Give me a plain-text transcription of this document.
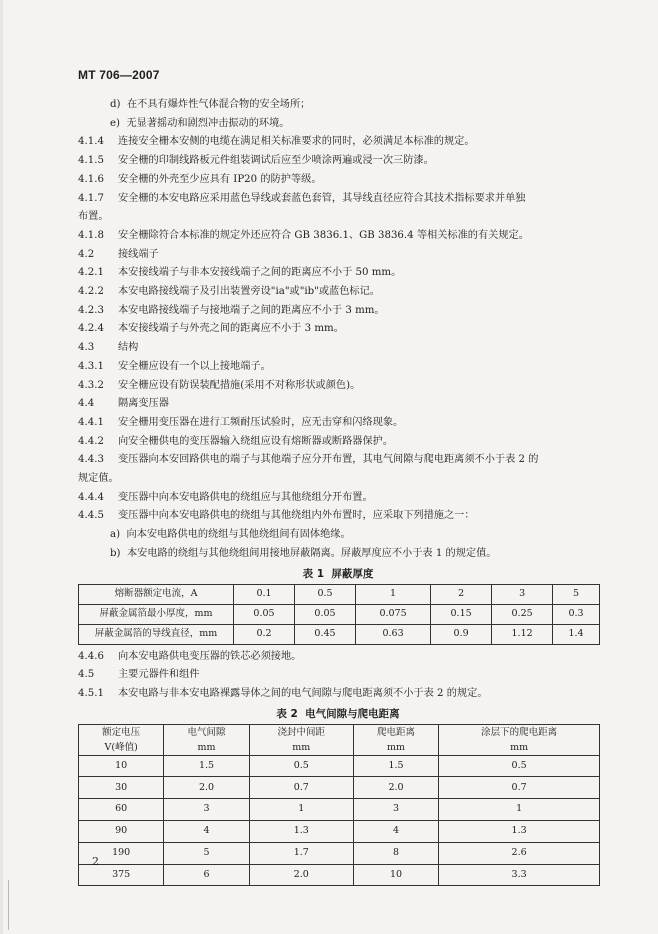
MT 706—2007
d)  在不具有爆炸性气体混合物的安全场所；
e)  无显著摇动和剧烈冲击振动的环境。
4.1.4 连接安全栅本安侧的电缆在满足相关标准要求的同时，必须满足本标准的规定。
4.1.5 安全栅的印制线路板元件组装调试后应至少喷涂两遍或浸一次三防漆。
4.1.6 安全栅的外壳至少应具有 IP20 的防护等级。
4.1.7 安全栅的本安电路应采用蓝色导线或套蓝色套管，其导线直径应符合其技术指标要求并单独
布置。
4.1.8 安全栅除符合本标准的规定外还应符合 GB 3836.1、GB 3836.4 等相关标准的有关规定。
4.2 接线端子
4.2.1 本安接线端子与非本安接线端子之间的距离应不小于 50 mm。
4.2.2 本安电路接线端子及引出装置旁设"ia"或"ib"或蓝色标记。
4.2.3 本安电路接线端子与接地端子之间的距离应不小于 3 mm。
4.2.4 本安接线端子与外壳之间的距离应不小于 3 mm。
4.3 结构
4.3.1 安全栅应设有一个以上接地端子。
4.3.2 安全栅应设有防误装配措施(采用不对称形状或颜色)。
4.4 隔离变压器
4.4.1 安全栅用变压器在进行工频耐压试验时，应无击穿和闪络现象。
4.4.2 向安全栅供电的变压器输入绕组应设有熔断器或断路器保护。
4.4.3 变压器向本安回路供电的端子与其他端子应分开布置，其电气间隙与爬电距离须不小于表 2 的
规定值。
4.4.4 变压器中向本安电路供电的绕组应与其他绕组分开布置。
4.4.5 变压器中向本安电路供电的绕组与其他绕组内外布置时，应采取下列措施之一：
a)  向本安电路供电的绕组与其他绕组间有固体绝缘。
b)  本安电路的绕组与其他绕组间用接地屏蔽隔离。屏蔽厚度应不小于表 1 的规定值。
表 1  屏蔽厚度
熔断器额定电流，A	0.1	0.5	1	2	3	5
屏蔽金属箔最小厚度，mm	0.05	0.05	0.075	0.15	0.25	0.3
屏蔽金属箔的导线直径，mm	0.2	0.45	0.63	0.9	1.12	1.4
4.4.6 向本安电路供电变压器的铁芯必须接地。
4.5 主要元器件和组件
4.5.1 本安电路与非本安电路裸露导体之间的电气间隙与爬电距离须不小于表 2 的规定。
表 2  电气间隙与爬电距离
额定电压	电气间隙	浇封中间距	爬电距离	涂层下的爬电距离
V(峰值)	mm	mm	mm	mm
10	1.5	0.5	1.5	0.5
30	2.0	0.7	2.0	0.7
60	3	1	3	1
90	4	1.3	4	1.3
190	5	1.7	8	2.6
375	6	2.0	10	3.3
2
